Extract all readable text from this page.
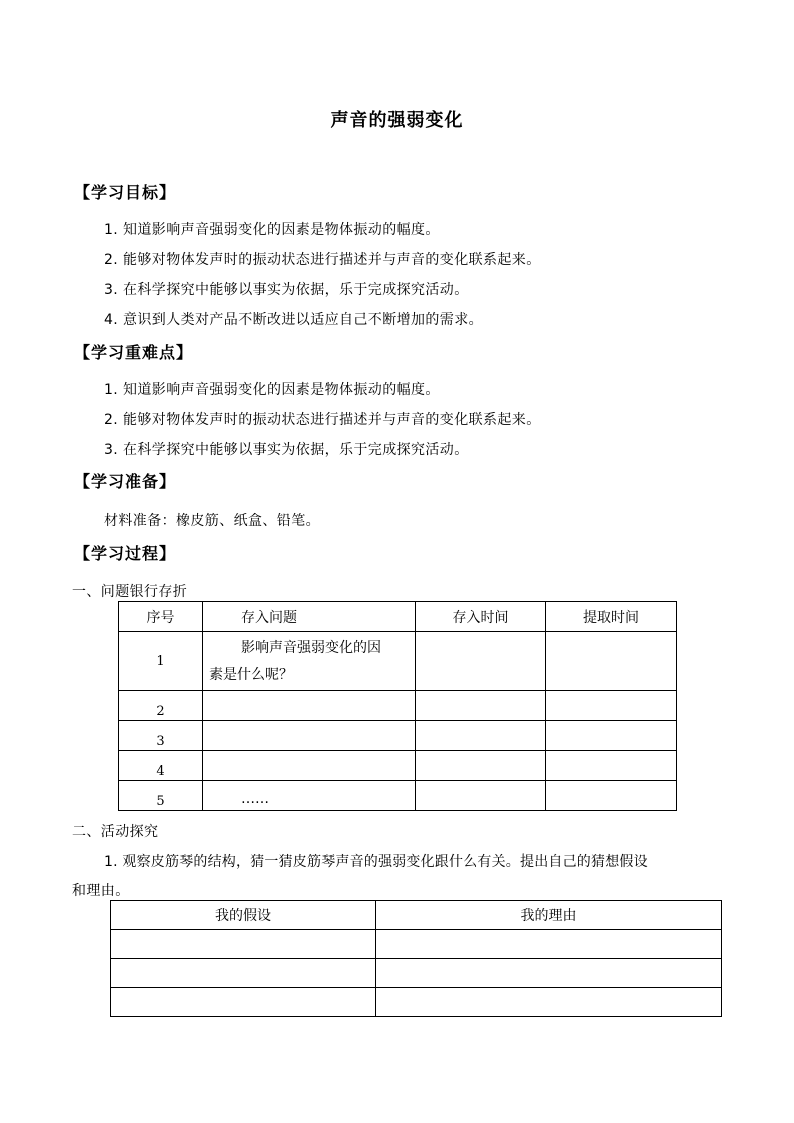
声音的强弱变化
【学习目标】
1. 知道影响声音强弱变化的因素是物体振动的幅度。
2. 能够对物体发声时的振动状态进行描述并与声音的变化联系起来。
3. 在科学探究中能够以事实为依据，乐于完成探究活动。
4. 意识到人类对产品不断改进以适应自己不断增加的需求。
【学习重难点】
1. 知道影响声音强弱变化的因素是物体振动的幅度。
2. 能够对物体发声时的振动状态进行描述并与声音的变化联系起来。
3. 在科学探究中能够以事实为依据，乐于完成探究活动。
【学习准备】
材料准备：橡皮筋、纸盒、铅笔。
【学习过程】
一、问题银行存折
序号	存入问题	存入时间	提取时间
1	影响声音强弱变化的因
素是什么呢？		

2			
3			
4			
5	……		
二、活动探究
1. 观察皮筋琴的结构，猜一猜皮筋琴声音的强弱变化跟什么有关。提出自己的猜想假设
和理由。
我的假设	我的理由
